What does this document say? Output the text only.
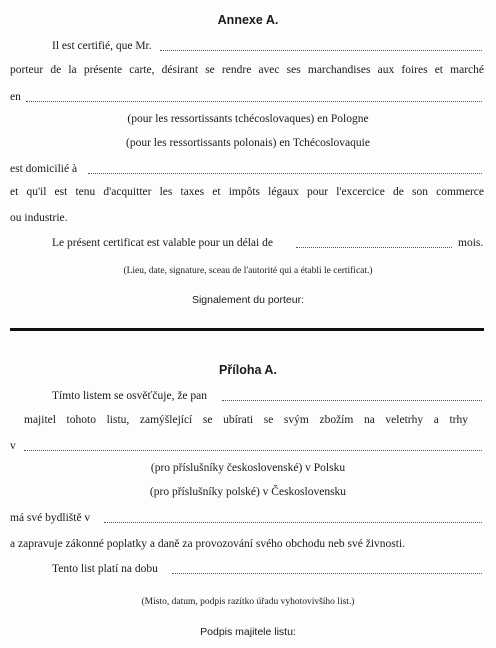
Annexe A.
Il est certifié, que Mr.
porteur de la présente carte, désirant se rendre avec ses marchandises aux foires et marché
en
(pour les ressortissants tchécoslovaques) en Pologne
(pour les ressortissants polonais) en Tchécoslovaquie
est domicilié à
et qu'il est tenu d'acquitter les taxes et impôts légaux pour l'excercice de son commerce
ou industrie.
Le présent certificat est valable pour un délai de	mois.
(Lieu, date, signature, sceau de l'autorité qui a établi le certificat.)
Signalement du porteur:
Příloha A.
Tímto listem se osvěťčuje, že pan
majitel tohoto listu, zamýšlející se ubírati se svým zbožím na veletrhy a trhy
v
(pro příslušníky československé) v Polsku
(pro příslušníky polské) v Československu
má své bydliště v
a zapravuje zákonné poplatky a daně za provozování svého obchodu neb své živnosti.
Tento list platí na dobu
(Místo, datum, podpis razítko úřadu vyhotovivšího list.)
Podpis majitele listu:
